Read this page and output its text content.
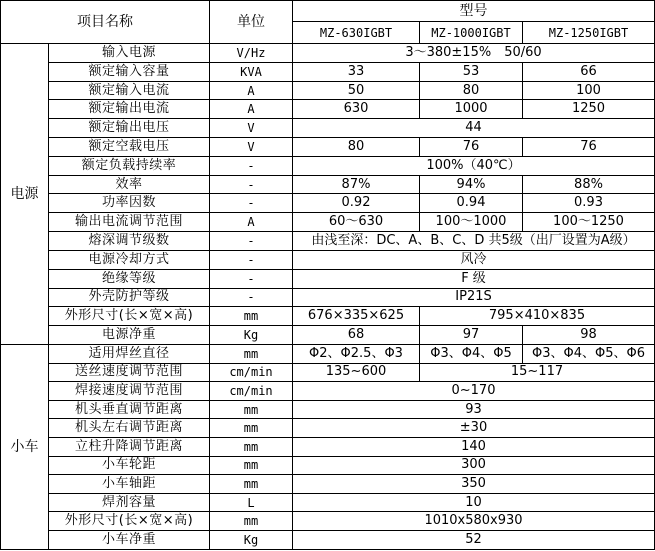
项目名称		单位	型号		
			MZ-630IGBT	MZ-1000IGBT	MZ-1250IGBT
电源	输入电源	V/Hz	3～380±15%　50/60		
	额定输入容量	KVA	33	53	66
	额定输入电流	A	50	80	100
	额定输出电流	A	630	1000	1250
	额定输出电压	V	44		
	额定空载电压	V	80	76	76
	额定负载持续率	-	100%（40℃）		
	效率	-	87%	94%	88%
	功率因数	-	0.92	0.94	0.93
	输出电流调节范围	A	60～630	100～1000	100～1250
	熔深调节级数	-	由浅至深：DC、A、B、C、D 共5级（出厂设置为A级）		
	电源冷却方式	-	风冷		
	绝缘等级	-	F 级		
	外壳防护等级	-	IP21S		
	外形尺寸(长×宽×高)	mm	676×335×625	795×410×835	
	电源净重	Kg	68	97	98
小车	适用焊丝直径	mm	Φ2、Φ2.5、Φ3	Φ3、Φ4、Φ5	Φ3、Φ4、Φ5、Φ6
	送丝速度调节范围	cm/min	135~600	15~117	
	焊接速度调节范围	cm/min	0~170		
	机头垂直调节距离	mm	93		
	机头左右调节距离	mm	±30		
	立柱升降调节距离	mm	140		
	小车轮距	mm	300		
	小车轴距	mm	350		
	焊剂容量	L	10		
	外形尺寸(长×宽×高)	mm	1010x580x930		
	小车净重	Kg	52		
